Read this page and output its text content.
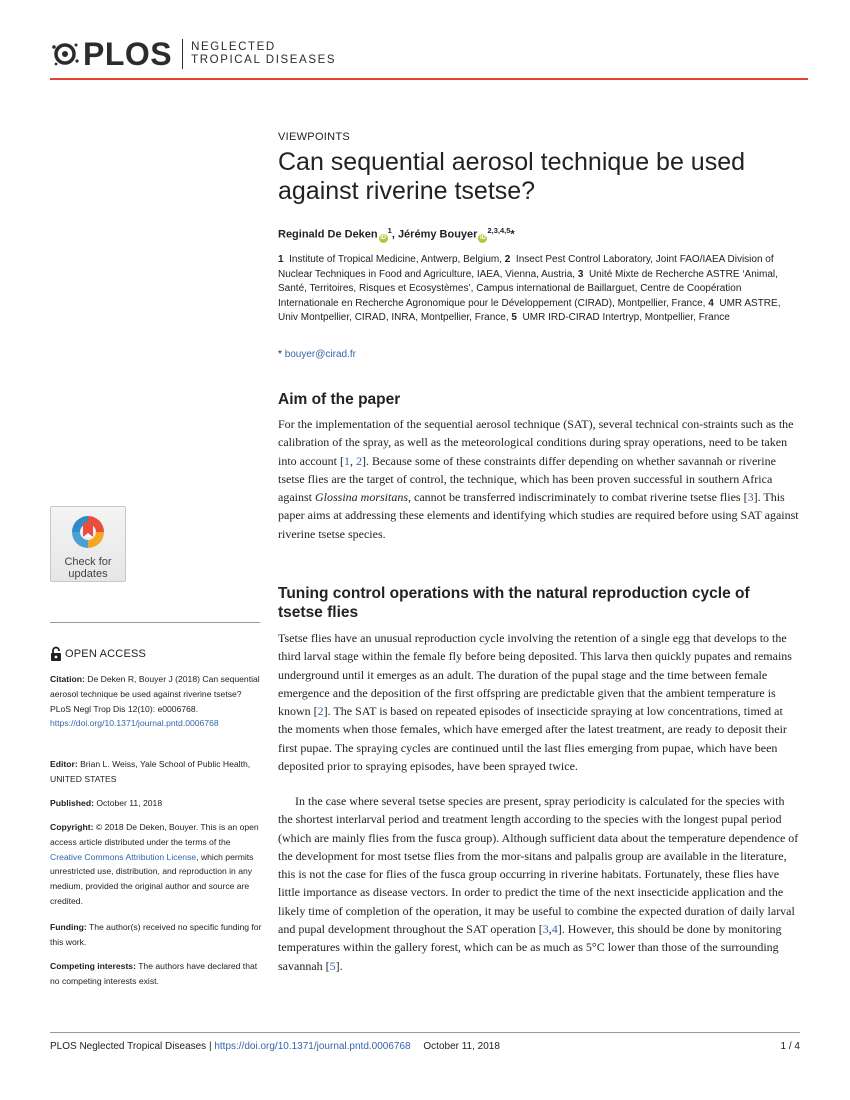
PLOS NEGLECTED
TROPICAL DISEASES
VIEWPOINTS
Can sequential aerosol technique be used against riverine tsetse?
Reginald De Deken $iD^1$, Jérémy Bouyer iD$^{2,3,4,5}$*
1 Institute of Tropical Medicine, Antwerp, Belgium, 2 Insect Pest Control Laboratory, Joint FAO/IAEA Division of Nuclear Techniques in Food and Agriculture, IAEA, Vienna, Austria, 3 Unité Mixte de Recherche ASTRE ‘Animal, Santé, Territoires, Risques et Ecosystèmes’, Campus international de Baillarguet, Centre de Coopération Internationale en Recherche Agronomique pour le Développement (CIRAD), Montpellier, France, 4 UMR ASTRE, Univ Montpellier, CIRAD, INRA, Montpellier, France, 5 UMR IRD-CIRAD Intertryp, Montpellier, France
* bouyer@cirad.fr
Aim of the paper

For the implementation of the sequential aerosol technique (SAT), several technical con-straints such as the calibration of the spray, as well as the meteorological conditions during spray operations, need to be taken into account [1, 2]. Because some of these constraints differ depending on whether savannah or riverine tsetse flies are the target of control, the technique, which has been proven successful in southern Africa against Glossina morsitans, cannot be transferred indiscriminately to combat riverine tsetse flies [3]. This paper aims at addressing these elements and identifying which studies are required before using SAT against riverine tsetse species.

Tuning control operations with the natural reproduction cycle of tsetse flies

Tsetse flies have an unusual reproduction cycle involving the retention of a single egg that develops to the third larval stage within the female fly before being deposited. This larva then quickly pupates and remains underground until it emerges as an adult. The duration of the pupal stage and the time between female emergence and the deposition of the first offspring are predictable given that the ambient temperature is known [2]. The SAT is based on repeated episodes of insecticide spraying at low concentrations, timed at the moments when those females, which have emerged after the latest treatment, are ready to deposit their first pupae. The spraying cycles are continued until the last flies emerging from pupae, which have been deposited prior to spraying episodes, have been sprayed twice.

In the case where several tsetse species are present, spray periodicity is calculated for the species with the shortest interlarval period and treatment length according to the species with the longest pupal period (which are mainly flies from the fusca group). Although sufficient data about the temperature dependence of the development for most tsetse flies from the mor-sitans and palpalis group are available in the literature, this is not the case for flies of the fusca group occurring in riverine habitats. Fortunately, these flies have little importance as disease vectors. In order to predict the time of the next insecticide application and the likely time of completion of the operation, it may be useful to combine the expected duration of daily larval and pupal development throughout the SAT operation [3,4]. However, this should be done by monitoring temperatures within the gallery forest, which can be as much as 5°C lower than those of the surrounding savannah [5].

Check for
updates
OPEN ACCESS
Citation: De Deken R, Bouyer J (2018) Can sequential aerosol technique be used against riverine tsetse? PLoS Negl Trop Dis 12(10): e0006768. https://doi.org/10.1371/journal.pntd.0006768
Editor: Brian L. Weiss, Yale School of Public Health, UNITED STATES
Published: October 11, 2018
Copyright: © 2018 De Deken, Bouyer. This is an open access article distributed under the terms of the Creative Commons Attribution License, which permits unrestricted use, distribution, and reproduction in any medium, provided the original author and source are credited.
Funding: The author(s) received no specific funding for this work.
Competing interests: The authors have declared that no competing interests exist.
PLOS Neglected Tropical Diseases | https://doi.org/10.1371/journal.pntd.0006768 October 11, 2018	1 / 4
